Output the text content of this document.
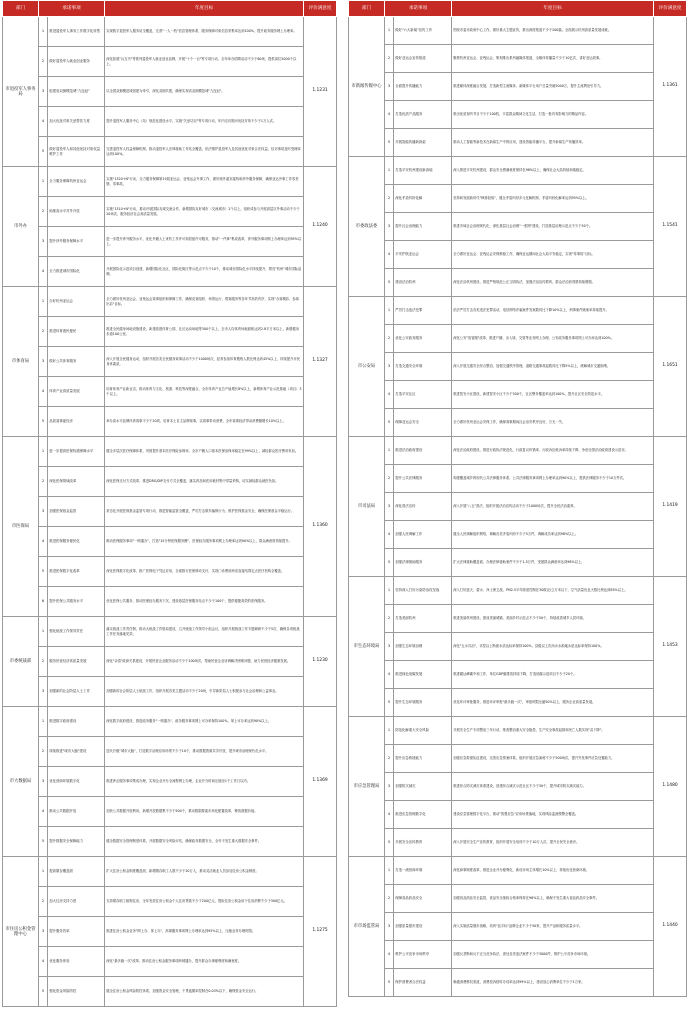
部门	承诺事项		年度目标	评价满意度
市退役军人事务局	1	推进退役军人事务工作数字化转型	实现数字退役军人服务站全覆盖，完善"一人一档"信息管理体系，服务保障对象信息采集率达到100%，提升政务服务网上办理率。	1.1231
	2	做好退役军人就业创业服务	深化拓展"兵支书"等系列退役军人就业创业品牌，开展"十个一百"等专项行动，全年举办招聘活动不少于60场，提供岗位5000个以上。	
	3	组建省双拥模范城"九连冠"	以全国双拥模范城创建为牵引，深化双拥共建，确保实现省双拥模范城"九连冠"。	
	4	加大优抚对象关爱帮扶力度	提升退役军人服务中心（站）规范化建设水平，实施"关爱功臣"等专项行动，年内走访慰问优抚对象不少于1万人次。	
	5	做好退役军人和其他优抚对象权益维护工作	完善退役军人权益保障机制，推动退役军人法律援助工作站全覆盖，依法维护退役军人及其他优抚对象合法权益，信访事项及时受理率达到100%。	
市外办	1	全力服务保障杭州亚运会	实施"1320+N"行动，全力服务保障第19届亚运会、亚残运会外事工作，做好境外嘉宾接待和涉外服务保障，确保亚运外事工作零差错、零事故。	1.1240
	2	助推高水平对外开放	实施"1310+N"行动，推动开展国际友城交流合作，新增国际友好城市（交流城市）2个以上，组织或参与开展高层次外事活动不少于20场次，服务经济社会高质量发展。	
	3	提升涉外服务保障水平	进一步提升涉外服务水平，优化外籍人士来杭工作许可和居留许可服务，推动"一件事"集成改革，涉外服务事项网上办理率达到95%以上。	
	4	全力推进城市国际化	开展国际化示范项目创建，新增国际化社区、国际化街区等示范点不少于10个，推动城市国际化水平持续提升，擦亮"杭州"城市国际品牌。	
市体育局	1	办好杭州亚运会	全力做好杭州亚运会、亚残运会赛事组织和保障工作，确保竞赛组织、场馆运行、观赛服务等各环节高效有序，实现"办赛精彩、参赛出彩"目标。	1.1327
	2	推进体育惠民便民	推进全民健身场地设施建设，新建改建体育公园、社区运动场地等300个以上，全市人均体育场地面积达到2.8平方米以上，新增健身步道100公里。	
	3	做好公共体育服务	深入开展全民健身运动，组织开展各类全民健身赛事活动不少于1000场次，经常参加体育锻炼人数比例达到45%以上，持续提升市民身体素质。	
	4	体育产业高质量发展	培育体育产业新业态，推动体育与文化、旅游、科技等深度融合，全市体育产业总产值增长8%以上，新增体育产业示范基地（项目）3个以上。	
	5	品质赛事促经济	举办高水平品牌体育赛事不少于20项，培育本土自主品牌赛事，以赛事带动消费，全年赛事经济带动消费额增长10%以上。	
市医保局	1	进一步提高医保待遇保障水平	健全多层次医疗保障体系，巩固提升基本医疗保险参保率，全市户籍人口基本医保参保率稳定在99%以上，减轻群众医疗费用负担。	1.1360
	2	深化医保领域改革	深化医保支付方式改革，推进DRG/DIP支付方式全覆盖，落实药品和医用耗材集中带量采购，切实减轻群众就医负担。	
	3	加强医保基金监管	常态化开展医保基金监管专项行动，推进智能监管全覆盖，严厉打击欺诈骗保行为，维护医保基金安全，确保医保基金平稳运行。	
	4	推进医保服务便民化	推动医保服务事项"一网通办"，打造"15分钟医保服务圈"，医保经办服务事项网上办理率达到90%以上，群众满意度持续提升。	
	5	推进医保数字化改革	深化医保数字化改革，推广医保电子凭证应用，全面推行医保移动支付，实现门诊费用跨省直接结算定点医疗机构全覆盖。	
	6	提升医保公共服务水平	优化医保公共服务，推动医保经办服务下沉，建设基层医保服务站点不少于100个，提供便捷高效的医保服务。	
市委统战部	1	强化统战工作领导责任	落实统战工作责任制，推动大统战工作格局建设，召开统战工作领导小组会议，组织开展统战工作专题调研不少于5次，确保各项统战工作任务落地见效。	1.1230
	2	服务民营经济高质量发展	深化"亲清"政商关系建设，开展民营企业服务活动不少于100场次，帮助民营企业协调解决困难问题，助力民营经济健康发展。	
	3	加强新的社会阶层人士工作	加强新的社会阶层人士统战工作，组织开展各类主题活动不少于20场，引导新阶层人士积极参与社会治理和公益事业。	
市大数据局	1	推进数字政府建设	深化数字政府建设，推进政务服务"一网通办"，政务服务事项网上可办率保持100%，掌上可办率达到90%以上。	1.1369
	2	持续推进"城市大脑"建设	迭代升级"城市大脑"，打造数字治理应用场景不少于10个，推动数据资源共享开放，提升城市治理现代化水平。	
	3	优化营商环境数字化	推进涉企服务事项集成办理，实现企业开办全流程网上办理，企业开办时间压缩至1个工作日以内。	
	4	推动公共数据开放	加快公共数据开放利用，新增开放数据集不少于500个，推动数据要素市场化配置改革，释放数据价值。	
	5	提升数据安全保障能力	健全数据安全管理制度体系，开展数据安全风险评估，确保政务数据安全，全年不发生重大数据安全事件。	
市住房公积金管理中心	1	提高缴存覆盖面	扩大住房公积金制度覆盖面，新增缴存职工人数不少于20万人，推动灵活就业人员参加住房公积金制度。	1.1275
	2	加大住房支持力度	支持缴存职工租购住房，全年发放住房公积金个人住房贷款不少于200亿元，提取住房公积金用于住房消费不少于300亿元。	
	3	提升服务效率	推进住房公积金业务"网上办、掌上办"，高频服务事项网上办理率达到95%以上，压缩业务办理时限。	
	4	优化服务体验	深化"最多跑一次"改革，推动住房公积金服务事项跨城通办，提升群众办事便利度和满意度。	
	5	强化资金风险防控	健全住房公积金风险防控体系，加强资金安全管理，个贷逾期率控制在0.03%以下，确保资金安全运行。	
部门	承诺事项		年度目标	评价满意度
市新闻传媒中心	1	做好"六大新闻"宣传工作	围绕市委市政府中心工作，做好重大主题宣传，推出深度报道不少于200篇，全面展示杭州高质量发展成就。	1.1361
	2	做好亚运会宣传报道	聚焦杭州亚运会、亚残运会，策划推出系列融媒体报道，全媒体传播量不少于10亿次，讲好亚运故事。	
	3	全面提升传播能力	推进媒体深度融合发展，打造新型主流媒体，新媒体平台用户总量突破5000万，提升主流舆论引导力。	
	4	打造优质产品服务	推出优质视听节目不少于100档，丰富群众精神文化生活，打造一批具有影响力的精品内容。	
	5	开展智能传播新探索	推动人工智能等新技术在新闻生产中的应用，建设智能传播平台，提升新闻生产传播效率。	
市委政法委	1	打造平安杭州建设新高地	深入推进平安杭州建设，群众安全感满意度保持在98%以上，确保社会大局持续和谐稳定。	1.1541
	2	深化矛盾纠纷化解	坚持和发展新时代"枫桥经验"，健全矛盾纠纷多元化解机制，矛盾纠纷化解率达到95%以上。	
	3	提升社会治理能力	推进市域社会治理现代化，深化基层社会治理"一张网"建设，打造基层治理示范点不少于50个。	
	4	平安护航亚运会	全力做好亚运会、亚残运会安保维稳工作，确保亚运期间社会大局平安稳定，实现"零事故"目标。	
	5	建设法治杭州	深化法治杭州建设，推进严格规范公正文明执法，加强法治宣传教育，群众法治获得感持续增强。	
市公安局	1	严厉打击违法犯罪	依法严厉打击各类违法犯罪活动，电信网络诈骗案件发案数同比下降10%以上，刑事案件破案率持续提升。	1.1651
	2	优化公安政务服务	深化公安"放管服"改革，推进户籍、出入境、交管等业务网上办理，公安政务服务事项网上可办率达到100%。	
	3	打造交通安全环境	深入开展交通安全综合整治，加强交通秩序管理，道路交通事故起数同比下降5%以上，缓解城市交通拥堵。	
	4	打造平安社区	推进智安小区建设，新建智安小区不少于300个，社区警务覆盖率达到100%，提升社区安全防范水平。	
	5	保障亚运会安全	全力做好杭州亚运会安保工作，确保赛事期间社会治安秩序良好，万无一失。	
市司法局	1	推进法治政府建设	深化法治政府建设，推进行政执法规范化，行政复议纠错率、行政诉讼败诉率持续下降，争创全国法治政府建设示范市。	1.1419
	2	提升公共法律服务	构建覆盖城乡的现代公共法律服务体系，公共法律服务事项网上办理率达到90%以上，提供法律服务不少于10万件次。	
	3	深化普法宣传	深入开展"八五"普法，组织开展法治宣传活动不少于1000场次，提升全民法治素养。	
	4	加强人民调解工作	健全人民调解组织网络，调解各类矛盾纠纷不少于5万件，调解成功率达到98%以上。	
	5	加强法律援助服务	扩大法律援助覆盖面，办理法律援助案件不少于1.5万件，受援群众满意率达到98%以上。	
市生态环境局	1	坚持深入打好污染防治攻坚战	深入打好蓝天、碧水、净土保卫战，PM2.5平均浓度控制在30微克/立方米以下，空气质量优良天数比例达到85%以上。	1.1453
	2	打造美丽杭州	推进美丽杭州建设，建成美丽城镇、美丽乡村示范点不少于50个，持续改善城乡人居环境。	
	3	加强生态环境治理	深化"五水共治"，市控以上断面水质达标率保持100%，县级以上饮用水水源地水质达标率保持100%。	
	4	推进绿色低碳发展	推进碳达峰碳中和工作，单位GDP碳排放持续下降，打造低碳示范项目不少于20个。	
	5	提升生态环境服务	优化环评审批服务，推进环评审批"最多跑一次"，审批时限压缩50%以上，服务企业高质量发展。	
市应急管理局	1	防范化解重大安全风险	开展安全生产专项整治三年行动，排查整治重大安全隐患，生产安全事故起数和死亡人数实现"双下降"。	1.1480
	2	提升应急救援能力	加强应急救援队伍建设，完善应急预案体系，组织开展应急演练不少于500场次，提升突发事件应急处置能力。	
	3	加强防灾减灾	推进综合防灾减灾体系建设，创建综合减灾示范社区不少于30个，提升城市防灾减灾能力。	
	4	推进应急管理数字化	建设应急管理数字化平台，推动"智慧应急"应用场景落地，实现风险监测预警全覆盖。	
	5	开展安全宣传教育	深入开展安全生产宣传教育，组织开展安全培训不少于10万人次，提升全民安全意识。	
市市场监管局	1	打造一流营商环境	深化商事制度改革，推进企业开办便利化，新设市场主体增长10%以上，持续优化营商环境。	1.1440
	2	保障食品药品安全	加强食品药品安全监管，食品安全抽检合格率保持在98%以上，确保不发生重大食品药品安全事件。	
	3	加强质量强市建设	深入实施质量强市战略，培育"品字标"品牌企业不少于50家，提升产品和服务质量水平。	
	4	维护公平竞争市场秩序	加强反垄断和反不正当竞争执法，查处各类违法案件不少于3000件，维护公平竞争市场环境。	
	5	保护消费者合法权益	畅通消费维权渠道，消费投诉按时办结率达到99%以上，建设放心消费单位不少于1万家。	
